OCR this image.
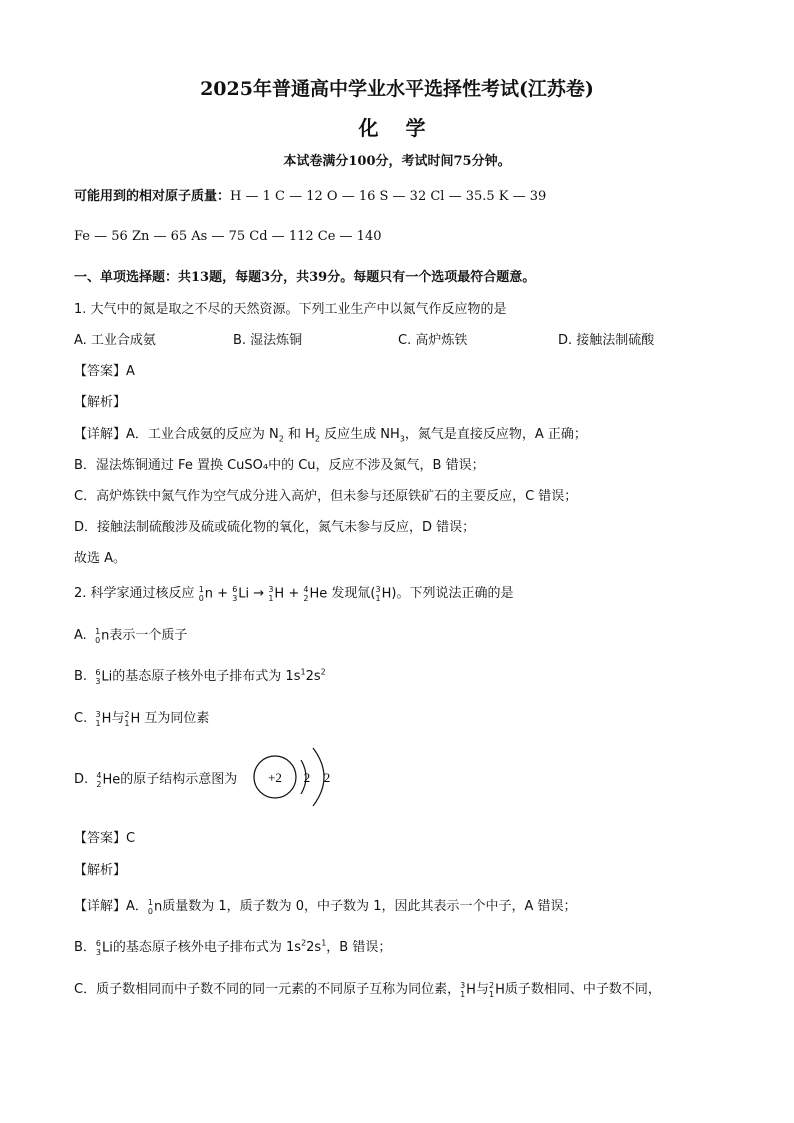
2025年普通高中学业水平选择性考试(江苏卷)
化 学
本试卷满分100分，考试时间75分钟。
可能用到的相对原子质量：H — 1 C — 12 O — 16 S — 32 Cl — 35.5 K — 39
Fe — 56 Zn — 65 As — 75 Cd — 112 Ce — 140
一、单项选择题：共13题，每题3分，共39分。每题只有一个选项最符合题意。
1. 大气中的氮是取之不尽的天然资源。下列工业生产中以氮气作反应物的是
A. 工业合成氨	B. 湿法炼铜	C. 高炉炼铁	D. 接触法制硫酸
【答案】A
【解析】
【详解】A．工业合成氨的反应为 $N_2$ 和 $H_2$ 反应生成 $NH_3$，氮气是直接反应物，A 正确；
B．湿法炼铜通过 Fe 置换 CuSO₄中的 Cu，反应不涉及氮气，B 错误；
C．高炉炼铁中氮气作为空气成分进入高炉，但未参与还原铁矿石的主要反应，C 错误；
D．接触法制硫酸涉及硫或硫化物的氧化，氮气未参与反应，D 错误；
故选 A。
2. 科学家通过核反应 1
0 n + 6
3 Li → 3
1 H + 4
2 He 发现氚( 3
1 H)。下列说法正确的是
A. 1
0 n表示一个质子
B. 6
3 Li的基态原子核外电子排布式为 $1s^12s^2$
C. 3
1 H与 2
1 H 互为同位素
D. 4
2 He的原子结构示意图为 +2 2 2
【答案】C
【解析】
【详解】A． 1
0 n质量数为 1，质子数为 0，中子数为 1，因此其表示一个中子，A 错误；
B． 6
3 Li的基态原子核外电子排布式为 $1s^22s^1$，B 错误；
C．质子数相同而中子数不同的同一元素的不同原子互称为同位素， 3
1 H与 2
1 H质子数相同、中子数不同，
